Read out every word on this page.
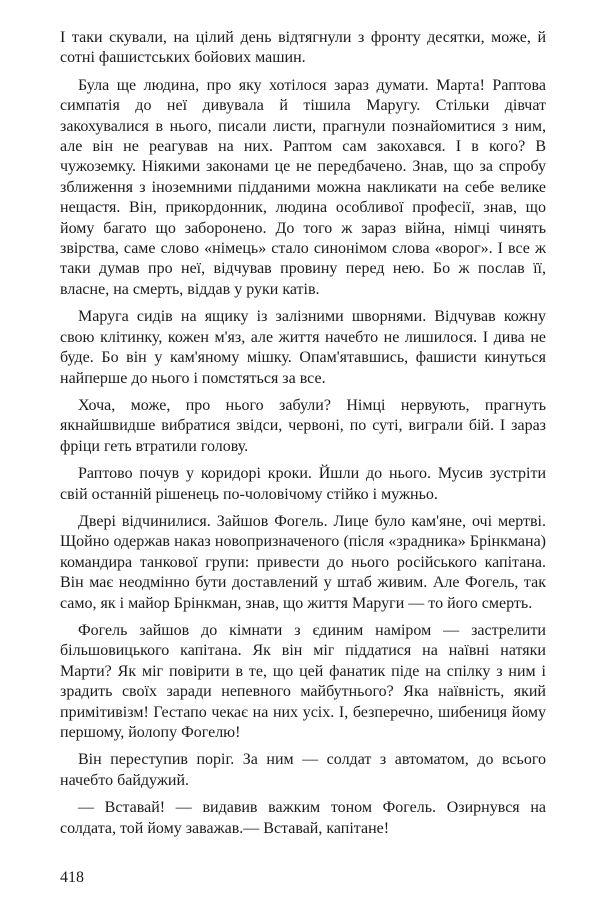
І таки скували, на цілий день відтягнули з фронту десятки, може, й сотні фашистських бойових машин.

Була ще людина, про яку хотілося зараз думати. Марта! Раптова симпатія до неї дивувала й тішила Маругу. Стільки дівчат закохувалися в нього, писали листи, прагнули познайомитися з ним, але він не реагував на них. Раптом сам закохався. І в кого? В чужоземку. Ніякими законами це не передбачено. Знав, що за спробу зближення з іноземними підданими можна накликати на себе велике нещастя. Він, прикордонник, людина особливої професії, знав, що йому багато що заборонено. До того ж зараз війна, німці чинять звірства, саме слово «німець» стало синонімом слова «ворог». І все ж таки думав про неї, відчував провину перед нею. Бо ж послав її, власне, на смерть, віддав у руки катів.

Маруга сидів на ящику із залізними шворнями. Відчував кожну свою клітинку, кожен м'яз, але життя начебто не лишилося. І дива не буде. Бо він у кам'яному мішку. Опам'ятавшись, фашисти кинуться найперше до нього і помстяться за все.

Хоча, може, про нього забули? Німці нервують, прагнуть якнайшвидше вибратися звідси, червоні, по суті, виграли бій. І зараз фріци геть втратили голову.

Раптово почув у коридорі кроки. Йшли до нього. Мусив зустріти свій останній рішенець по-чоловічому стійко і мужньо.

Двері відчинилися. Зайшов Фогель. Лице було кам'яне, очі мертві. Щойно одержав наказ новопризначеного (після «зрадника» Брінкмана) командира танкової групи: привести до нього російського капітана. Він має неодмінно бути доставлений у штаб живим. Але Фогель, так само, як і майор Брінкман, знав, що життя Маруги — то його смерть.

Фогель зайшов до кімнати з єдиним наміром — застрелити більшовицького капітана. Як він міг піддатися на наївні натяки Марти? Як міг повірити в те, що цей фанатик піде на спілку з ним і зрадить своїх заради непевного майбутнього? Яка наївність, який примітивізм! Гестапо чекає на них усіх. І, безперечно, шибениця йому першому, йолопу Фогелю!

Він переступив поріг. За ним — солдат з автоматом, до всього начебто байдужий.

— Вставай! — видавив важким тоном Фогель. Озирнувся на солдата, той йому заважав.— Вставай, капітане!

418
